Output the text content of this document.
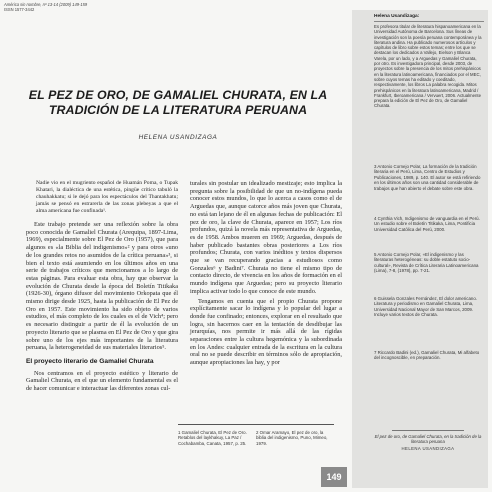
América sin nombre, nº 13-14 (2009) 149-159
ISSN 1577-3442
EL PEZ DE ORO, DE GAMALIEL CHURATA, EN LA TRADICIÓN DE LA LITERATURA PERUANA
HELENA USANDIZAGA

Nadie vio en el mugriento español de Huamán Poma, o Tupak Khatari, la dialéctica de una estética, pingüe crítico tabuló la chauhakkatu; si le dejó para los espectáculos del Thantakhatu; jamás se pensó en estrarerla de las zonas plebeyas a que el alma americana fue confinada¹.

Este trabajo pretende ser una reflexión sobre la obra poco conocida de Gamaliel Churata (Arequipa, 1897-Lima, 1969), especialmente sobre El Pez de Oro (1957), que para algunos es «la Biblia del indigenismo»² y para otros «uno de los grandes retos no asumidos de la crítica peruana»³, si bien el texto está asumiendo en los últimos años en una serie de trabajos críticos que mencionamos a lo largo de estas páginas. Para evaluar esta obra, hay que observar la evolución de Churata desde la época del Boletín Titikaka (1926-30), órgano difusor del movimiento Orkopata que él mismo dirige desde 1925, hasta la publicación de El Pez de Oro en 1957. Este movimiento ha sido objeto de varios estudios, el más completo de los cuales es el de Vich⁴; pero es necesario distinguir a partir de él la evolución de un proyecto literario que se plasma en El Pez de Oro y que gira sobre uno de los ejes más importantes de la literatura peruana, la heterogeneidad de sus materiales literarios⁵.

El proyecto literario de Gamaliel Churata

Nos centramos en el proyecto estético y literario de Gamaliel Churata, en el que un elemento fundamental es el de hacer comunicar e interactuar las diferentes zonas cul-

turales sin postular un idealizado mestizaje; esto implica la pregunta sobre la posibilidad de que un no-indígena pueda conocer estos mundos, lo que lo acerca a casos como el de Arguedas que, aunque catorce años más joven que Churata, no está tan lejano de él en algunas fechas de publicación: El pez de oro, la clave de Churata, aparece en 1957; Los ríos profundos, quizá la novela más representativa de Arguedas, es de 1958. Ambos mueren en 1969; Arguedas, después de haber publicado bastantes obras posteriores a Los ríos profundos; Churata, con varios inéditos y textos dispersos que se van recuperando gracias a estudiosos como Gonzales⁶ y Badini⁷. Churata no tiene el mismo tipo de contacto directo, de vivencia en los años de formación en el mundo indígena que Arguedas; pero su proyecto literario implica activar todo lo que conoce de este mundo.

Tengamos en cuenta que el propio Churata propone explícitamente sacar lo indígena y lo popular del lugar a donde fue confinado; entonces, explorar en el resultado que logra, sin hacernos caer en la tentación de desdibujar las jerarquías, nos permite ir más allá de las rígidas separaciones entre la cultura hegemónica y la subordinada en los Andes: cualquier entrada de la escritura en la cultura oral no se puede describir en términos sólo de apropiación, aunque apropiaciones las hay, y por

1 Gamaliel Churata, El Pez de Oro. Retablos del laykhakuy, La Paz / Cochabamba, Canata, 1957, p. 25.
2 Omar Aramayo, El pez de oro, la biblia del indigenismo, Puno, Mimeo, 1979.
149
Helena Usandizaga:
Es profesora titular de literatura hispanoamericana en la Universidad Autónoma de Barcelona. Sus líneas de investigación son la poesía peruana contemporánea y la literatura andina. Ha publicado numerosos artículos y capítulos de libro sobre estos temas; entre los que se destacan los dedicados a Vallejo, Eielson y Blanca Varela, por un lado, y a Arguedas y Gamaliel Churata, por otro. Es investigadora principal, desde 2003, de proyectos sobre la presencia de los mitos prehispánicos en la literatura latinoamericana, financiados por el MEC, sobre cuyos temas ha editado y coeditado, respectivamente, los libros La palabra recogida. Mitos prehispánicos en la literatura latinoamericana, Madrid / Frankfurt, Iberoamericana / Vervuert, 2006. Actualmente prepara la edición de El Pez de Oro, de Gamaliel Churata.
3 Antonio Cornejo Polar, La formación de la tradición literaria en el Perú, Lima, Centro de Estudios y Publicaciones, 1989, p. 140. El autor se está refiriendo en los últimos años son una cantidad considerable de trabajos que han abierto el debate sobre este obra.
4 Cynthia Vich, Indigenismo de vanguardia en el Perú. Un estudio sobre el Boletín Titikaka, Lima, Pontificia Universidad Católica del Perú, 2000.
5 Antonio Cornejo Polar, «El indigenismo y las literaturas heterogéneas: su doble estatuto socio-cultural», Revista de Crítica Literaria Latinoamericana (Lima), 7-8, (1978), pp. 7-21.
6 Guissela Gonzales Fernández, El dolor americano. Literatura y periodismo en Gamaliel Churata, Lima, Universidad Nacional Mayor de San Marcos, 2009. Incluye varios textos de Churata.
7 Riccardo Badini (ed.), Gamaliel Churata, Mi alfabeto del incognoscible, en preparación.
El pez de oro, de Gamaliel Churata, en la tradición de la literatura peruana
HELENA USANDIZAGA
